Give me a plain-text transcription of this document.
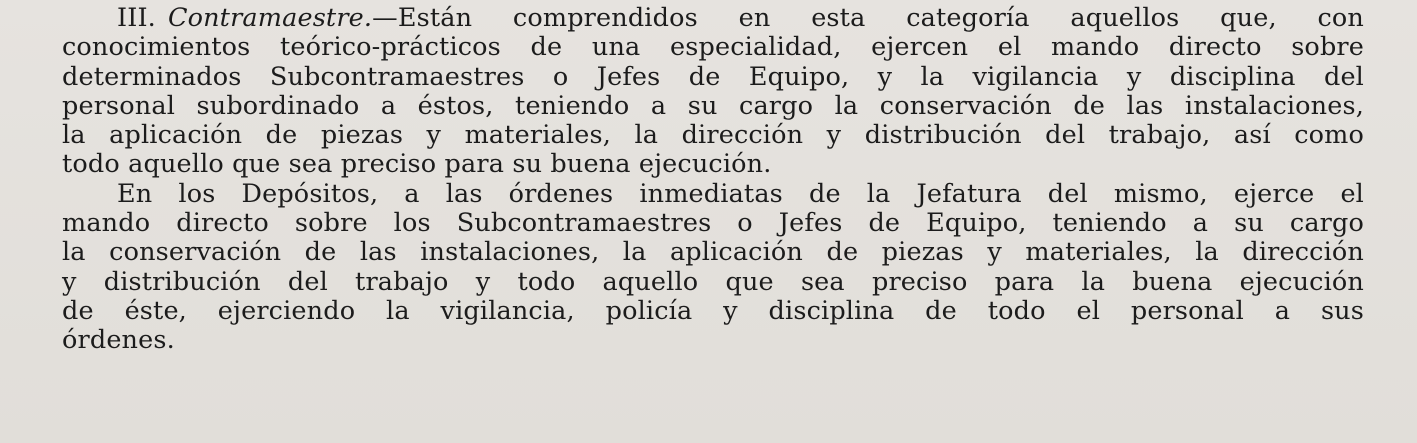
III. Contramaestre.—Están comprendidos en esta categoría aquellos que, con
conocimientos teórico-prácticos de una especialidad, ejercen el mando directo sobre
determinados Subcontramaestres o Jefes de Equipo, y la vigilancia y disciplina del
personal subordinado a éstos, teniendo a su cargo la conservación de las instalaciones,
la aplicación de piezas y materiales, la dirección y distribución del trabajo, así como
todo aquello que sea preciso para su buena ejecución.
En los Depósitos, a las órdenes inmediatas de la Jefatura del mismo, ejerce el
mando directo sobre los Subcontramaestres o Jefes de Equipo, teniendo a su cargo
la conservación de las instalaciones, la aplicación de piezas y materiales, la dirección
y distribución del trabajo y todo aquello que sea preciso para la buena ejecución
de éste, ejerciendo la vigilancia, policía y disciplina de todo el personal a sus
órdenes.
